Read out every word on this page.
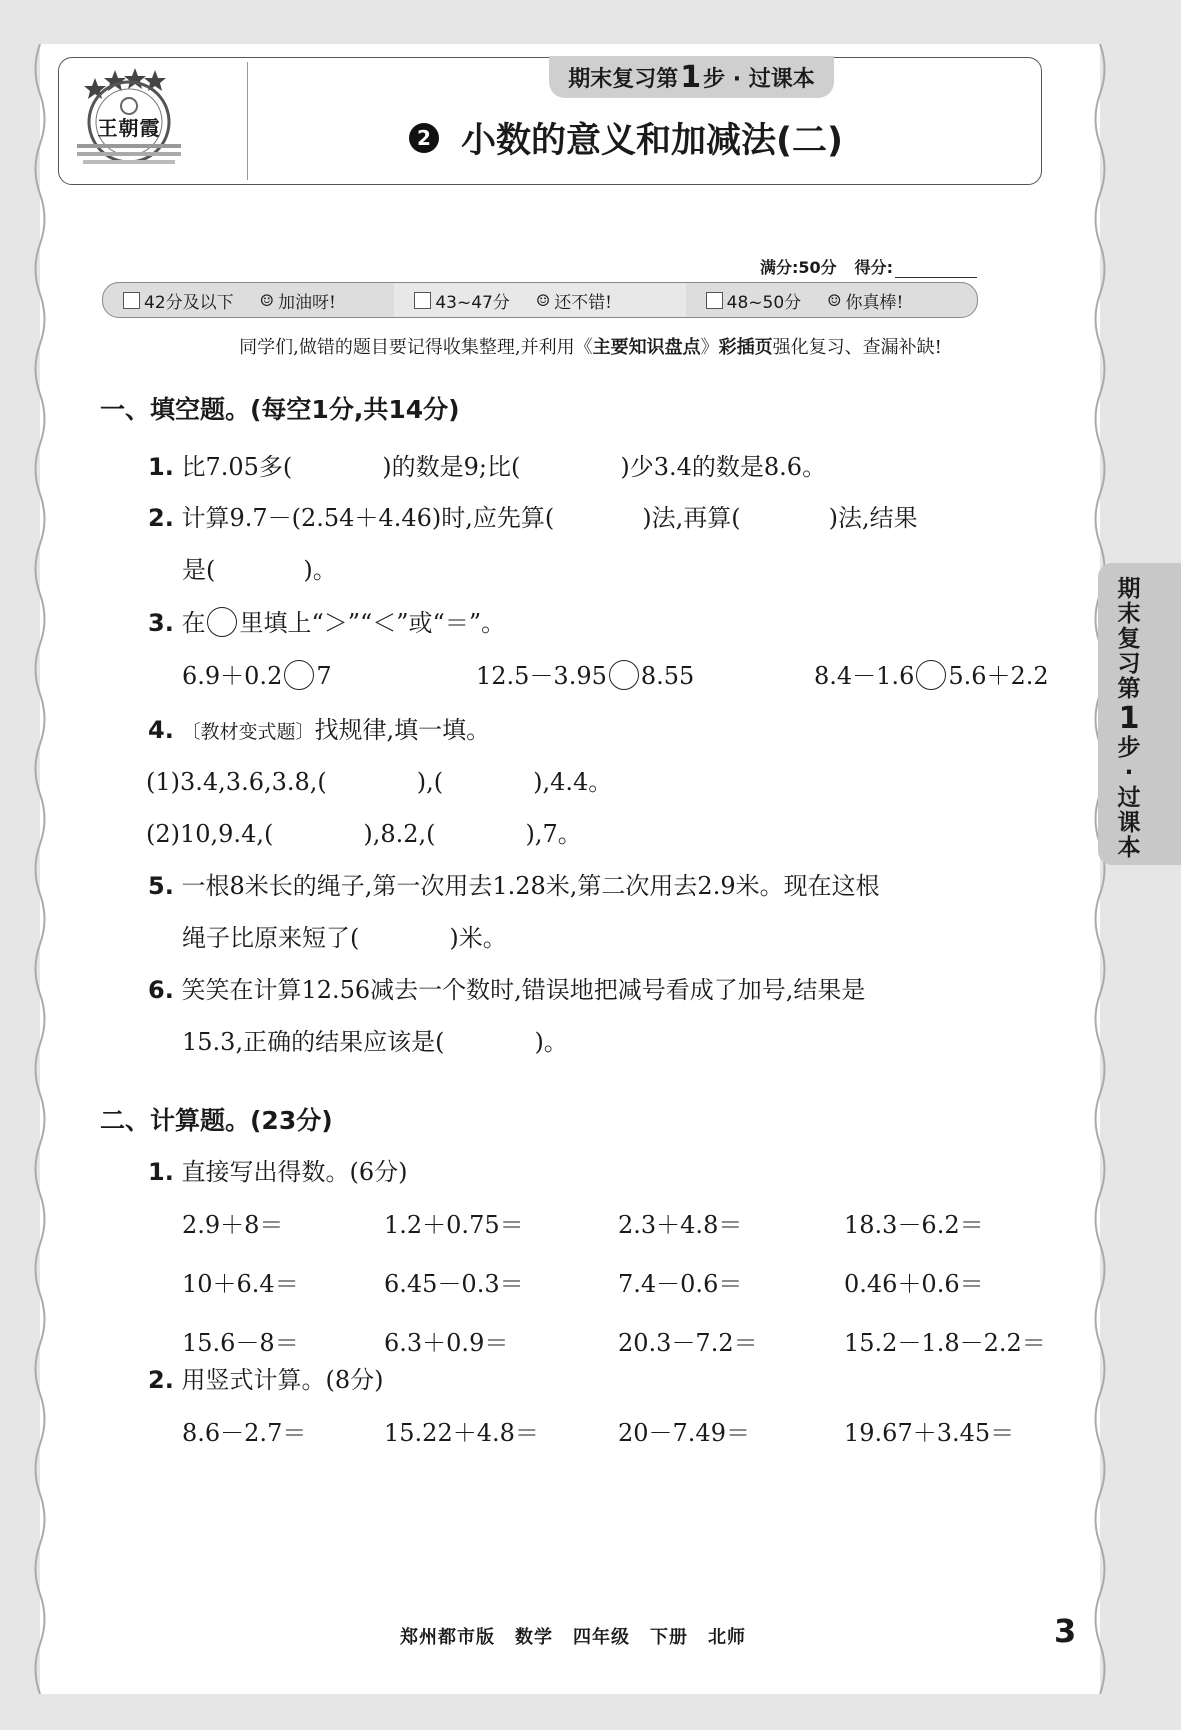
王朝霞
期末复习第 1 步 · 过课本
2 小数的意义和加减法(二)
满分:50分 得分:
42分及以下 ☺ 加油呀!	43~47分 ☺ 还不错!	48~50分 ☺ 你真棒!
同学们,做错的题目要记得收集整理,并利用《主要知识盘点》彩插页强化复习、查漏补缺!
一、填空题。(每空1分,共14分)
1. 比7.05多(	)的数是9;比(	)少3.4的数是8.6。
2. 计算9.7－(2.54＋4.46)时,应先算(	)法,再算(	)法,结果
是(	)。
3. 在 里填上“＞”“＜”或“＝”。
6.9＋0.2 7	12.5－3.95 8.55	8.4－1.6 5.6＋2.2
4. 〔教材变式题〕找规律,填一填。
(1)3.4,3.6,3.8,(	),(	),4.4。
(2)10,9.4,(	),8.2,(	),7。
5. 一根8米长的绳子,第一次用去1.28米,第二次用去2.9米。现在这根
绳子比原来短了(	)米。
6. 笑笑在计算12.56减去一个数时,错误地把减号看成了加号,结果是
15.3,正确的结果应该是(	)。
二、计算题。(23分)
1. 直接写出得数。(6分)
2.9＋8＝	1.2＋0.75＝	2.3＋4.8＝	18.3－6.2＝
10＋6.4＝	6.45－0.3＝	7.4－0.6＝	0.46＋0.6＝
15.6－8＝	6.3＋0.9＝	20.3－7.2＝	15.2－1.8－2.2＝
2. 用竖式计算。(8分)
8.6－2.7＝	15.22＋4.8＝	20－7.49＝	19.67＋3.45＝
期
末
复
习
第
1
步
·
过
课
本
郑州都市版 数学 四年级 下册 北师	3
